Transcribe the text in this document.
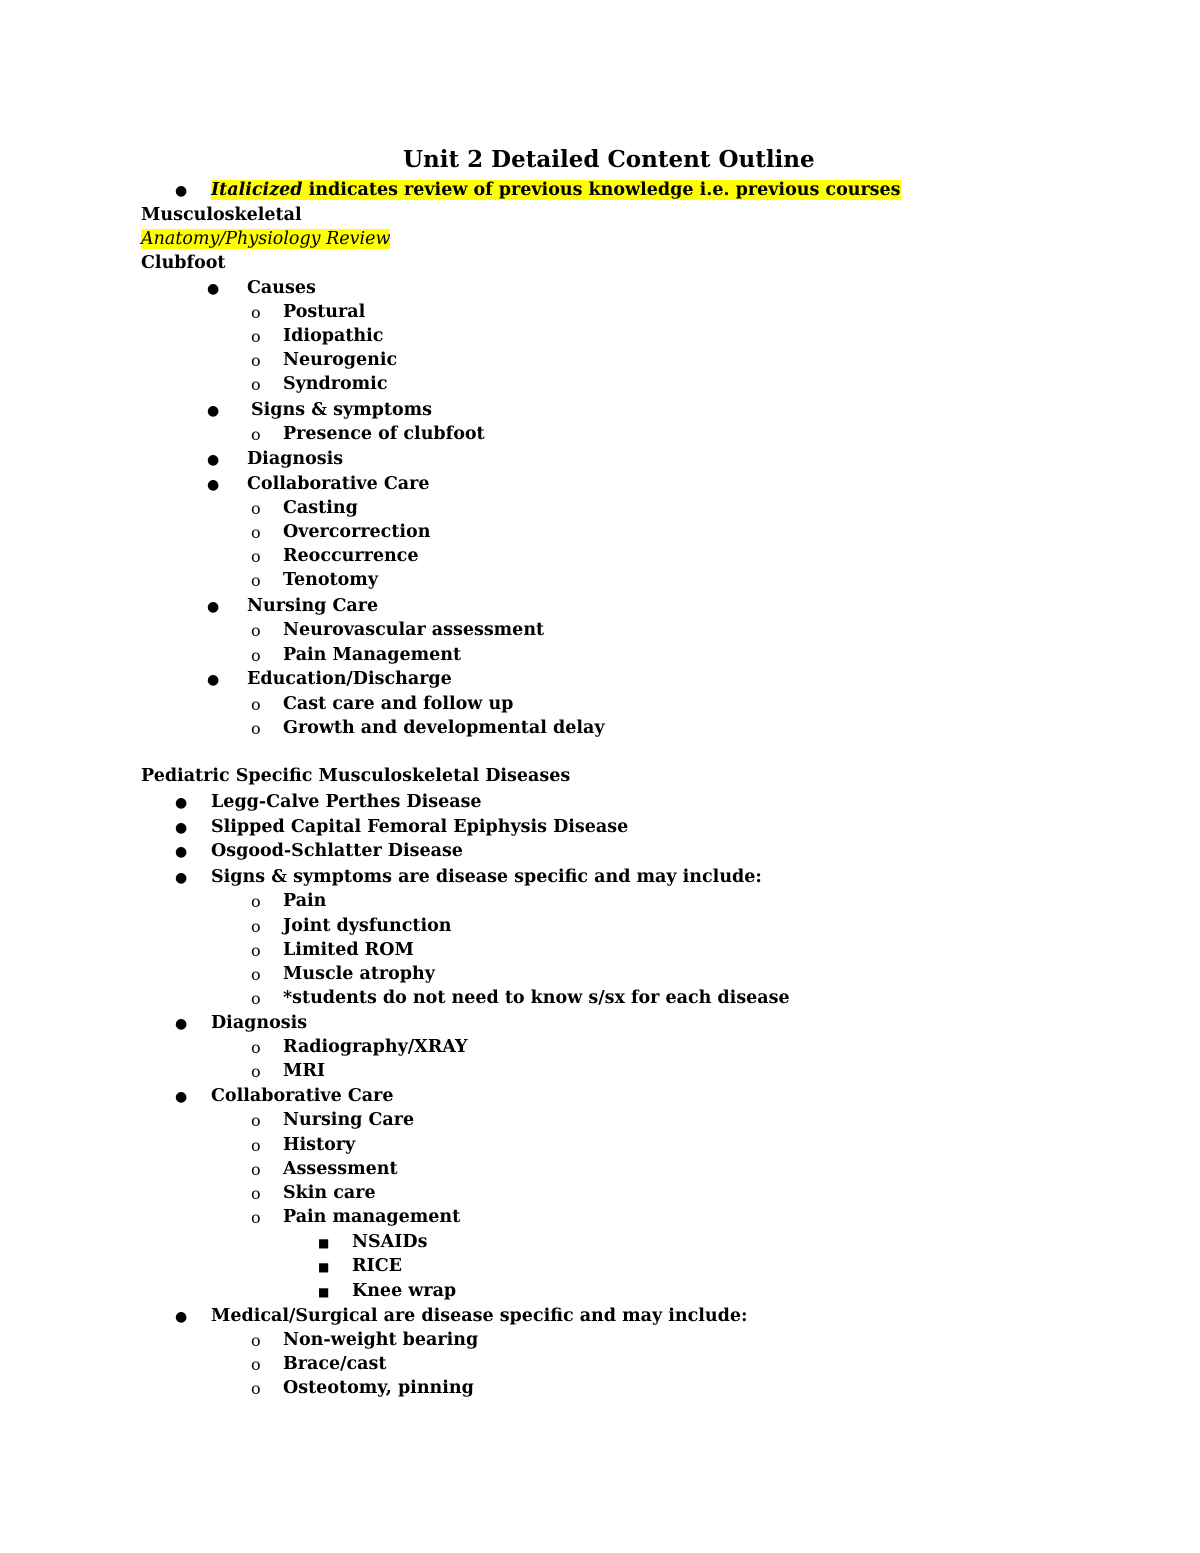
Unit 2 Detailed Content Outline
● Italicized indicates review of previous knowledge i.e. previous courses
Musculoskeletal
Anatomy/Physiology Review
Clubfoot
● Causes
o Postural
o Idiopathic
o Neurogenic
o Syndromic
● Signs & symptoms
o Presence of clubfoot
● Diagnosis
● Collaborative Care
o Casting
o Overcorrection
o Reoccurrence
o Tenotomy
● Nursing Care
o Neurovascular assessment
o Pain Management
● Education/Discharge
o Cast care and follow up
o Growth and developmental delay
Pediatric Specific Musculoskeletal Diseases
● Legg-Calve Perthes Disease
● Slipped Capital Femoral Epiphysis Disease
● Osgood-Schlatter Disease
● Signs & symptoms are disease specific and may include:
o Pain
o Joint dysfunction
o Limited ROM
o Muscle atrophy
o *students do not need to know s/sx for each disease
● Diagnosis
o Radiography/XRAY
o MRI
● Collaborative Care
o Nursing Care
o History
o Assessment
o Skin care
o Pain management
■ NSAIDs
■ RICE
■ Knee wrap
● Medical/Surgical are disease specific and may include:
o Non-weight bearing
o Brace/cast
o Osteotomy, pinning
